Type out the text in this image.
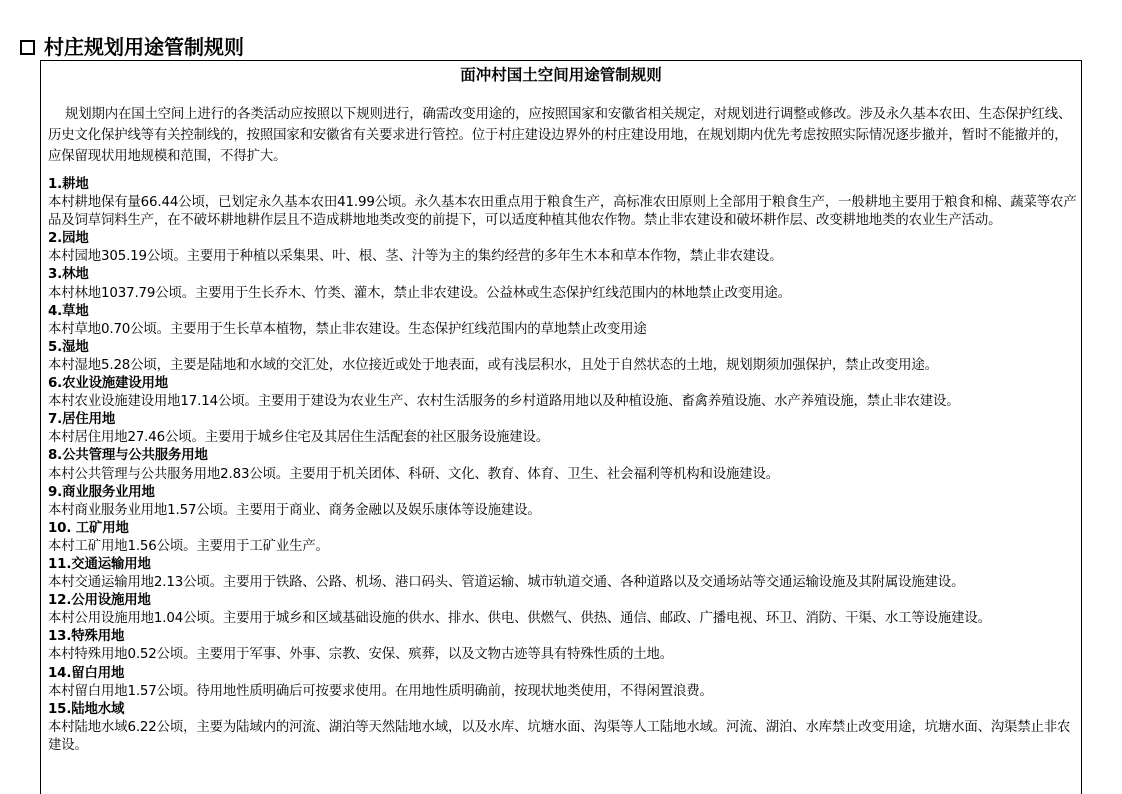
村庄规划用途管制规则
面冲村国土空间用途管制规则
规划期内在国土空间上进行的各类活动应按照以下规则进行，确需改变用途的，应按照国家和安徽省相关规定，对规划进行调整或修改。涉及永久基本农田、生态保护红线、历史文化保护线等有关控制线的，按照国家和安徽省有关要求进行管控。位于村庄建设边界外的村庄建设用地，在规划期内优先考虑按照实际情况逐步撤并，暂时不能撤并的，应保留现状用地规模和范围，不得扩大。
1.耕地
本村耕地保有量66.44公顷，已划定永久基本农田41.99公顷。永久基本农田重点用于粮食生产，高标准农田原则上全部用于粮食生产，一般耕地主要用于粮食和棉、蔬菜等农产品及饲草饲料生产，在不破坏耕地耕作层且不造成耕地地类改变的前提下，可以适度种植其他农作物。禁止非农建设和破坏耕作层、改变耕地地类的农业生产活动。
2.园地
本村园地305.19公顷。主要用于种植以采集果、叶、根、茎、汁等为主的集约经营的多年生木本和草本作物，禁止非农建设。
3.林地
本村林地1037.79公顷。主要用于生长乔木、竹类、灌木，禁止非农建设。公益林或生态保护红线范围内的林地禁止改变用途。
4.草地
本村草地0.70公顷。主要用于生长草本植物，禁止非农建设。生态保护红线范围内的草地禁止改变用途
5.湿地
本村湿地5.28公顷，主要是陆地和水域的交汇处，水位接近或处于地表面，或有浅层积水，且处于自然状态的土地，规划期须加强保护，禁止改变用途。
6.农业设施建设用地
本村农业设施建设用地17.14公顷。主要用于建设为农业生产、农村生活服务的乡村道路用地以及种植设施、畜禽养殖设施、水产养殖设施，禁止非农建设。
7.居住用地
本村居住用地27.46公顷。主要用于城乡住宅及其居住生活配套的社区服务设施建设。
8.公共管理与公共服务用地
本村公共管理与公共服务用地2.83公顷。主要用于机关团体、科研、文化、教育、体育、卫生、社会福利等机构和设施建设。
9.商业服务业用地
本村商业服务业用地1.57公顷。主要用于商业、商务金融以及娱乐康体等设施建设。
10. 工矿用地
本村工矿用地1.56公顷。主要用于工矿业生产。
11.交通运输用地
本村交通运输用地2.13公顷。主要用于铁路、公路、机场、港口码头、管道运输、城市轨道交通、各种道路以及交通场站等交通运输设施及其附属设施建设。
12.公用设施用地
本村公用设施用地1.04公顷。主要用于城乡和区域基础设施的供水、排水、供电、供燃气、供热、通信、邮政、广播电视、环卫、消防、干渠、水工等设施建设。
13.特殊用地
本村特殊用地0.52公顷。主要用于军事、外事、宗教、安保、殡葬，以及文物古迹等具有特殊性质的土地。
14.留白用地
本村留白用地1.57公顷。待用地性质明确后可按要求使用。在用地性质明确前，按现状地类使用，不得闲置浪费。
15.陆地水域
本村陆地水域6.22公顷，主要为陆域内的河流、湖泊等天然陆地水域，以及水库、坑塘水面、沟渠等人工陆地水域。河流、湖泊、水库禁止改变用途，坑塘水面、沟渠禁止非农建设。
